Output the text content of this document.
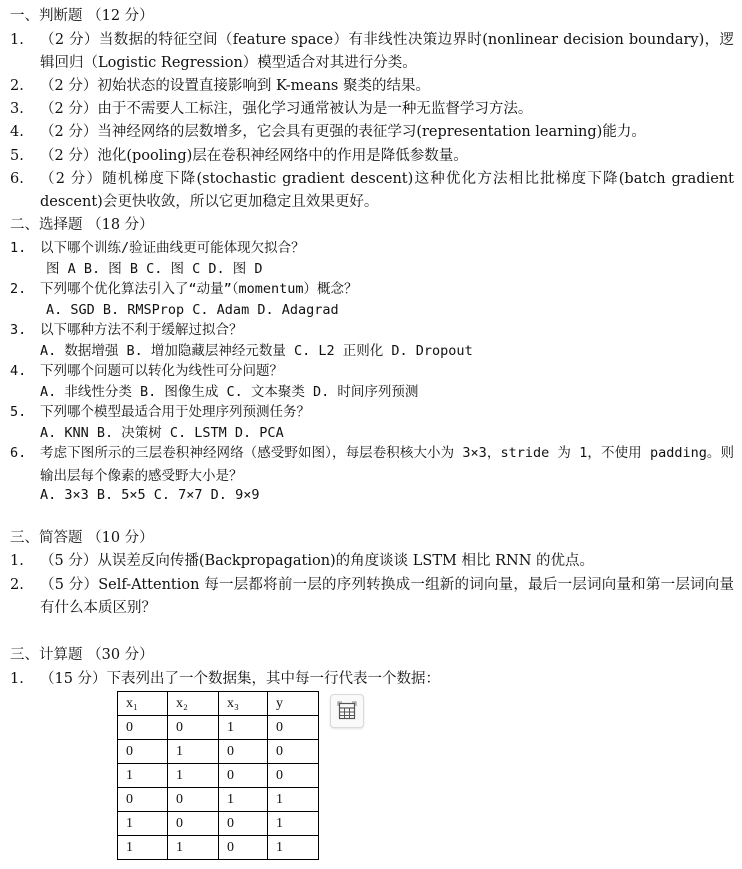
一、判断题 （12 分）
1. （2 分）当数据的特征空间（feature space）有非线性决策边界时(nonlinear decision boundary)，逻辑回归（Logistic Regression）模型适合对其进行分类。
2. （2 分）初始状态的设置直接影响到 K-means 聚类的结果。
3. （2 分）由于不需要人工标注，强化学习通常被认为是一种无监督学习方法。
4. （2 分）当神经网络的层数增多，它会具有更强的表征学习(representation learning)能力。
5. （2 分）池化(pooling)层在卷积神经网络中的作用是降低参数量。
6. （2 分）随机梯度下降(stochastic gradient descent)这种优化方法相比批梯度下降(batch gradient descent)会更快收敛，所以它更加稳定且效果更好。
二、选择题 （18 分）
1. 以下哪个训练/验证曲线更可能体现欠拟合？
图 A B. 图 B C. 图 C D. 图 D
2. 下列哪个优化算法引入了“动量”（momentum）概念？
A. SGD B. RMSProp C. Adam D. Adagrad
3. 以下哪种方法不利于缓解过拟合？
A. 数据增强 B. 增加隐藏层神经元数量 C. L2 正则化 D. Dropout
4. 下列哪个问题可以转化为线性可分问题？
A. 非线性分类 B. 图像生成 C. 文本聚类 D. 时间序列预测
5. 下列哪个模型最适合用于处理序列预测任务？
A. KNN B. 决策树 C. LSTM D. PCA
6. 考虑下图所示的三层卷积神经网络（感受野如图），每层卷积核大小为 3×3，stride 为 1，不使用 padding。则输出层每个像素的感受野大小是？
A. 3×3 B. 5×5 C. 7×7 D. 9×9
三、简答题 （10 分）
1. （5 分）从误差反向传播(Backpropagation)的角度谈谈 LSTM 相比 RNN 的优点。
2. （5 分）Self-Attention 每一层都将前一层的序列转换成一组新的词向量，最后一层词向量和第一层词向量有什么本质区别？
三、计算题 （30 分）
1. （15 分）下表列出了一个数据集，其中每一行代表一个数据：
x₁	x₂	x₃	y
0	0	1	0
0	1	0	0
1	1	0	0
0	0	1	1
1	0	0	1
1	1	0	1
